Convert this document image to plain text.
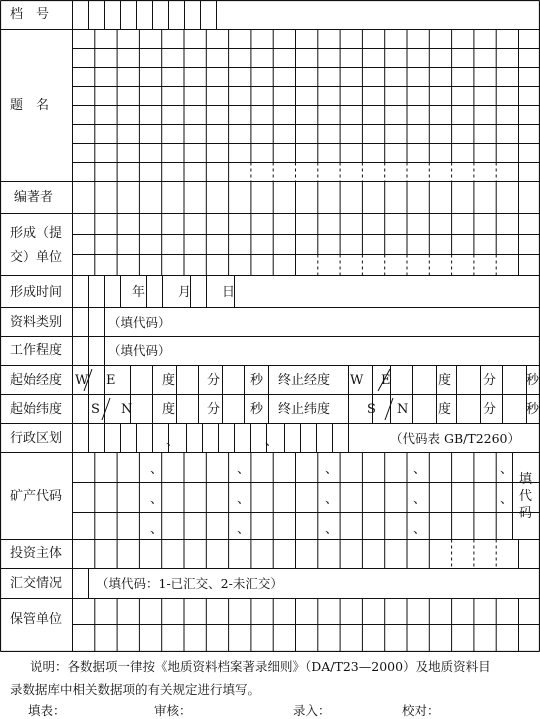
档　号
题　名
编著者
形成（提
交）单位
形成时间	年	月 日
资料类别	（填代码）
工作程度	（填代码）
起始经度 W E	度 分 秒 终止经度 W E	度 分 秒
起始纬度 S N 度 分 秒 终止纬度	S N 度 分 秒
行政区划	、	、	（代码表 GB/T2260）
矿产代码
、	、	、	、	、
、	、	、	、	、
、	、	、	、
填
代
码
投资主体
汇交情况	（填代码：1-已汇交、2-未汇交）
保管单位

说明：各数据项一律按《地质资料档案著录细则》（DA/T23—2000）及地质资料目

录数据库中相关数据项的有关规定进行填写。

填表：	审核：	录入：	校对：
